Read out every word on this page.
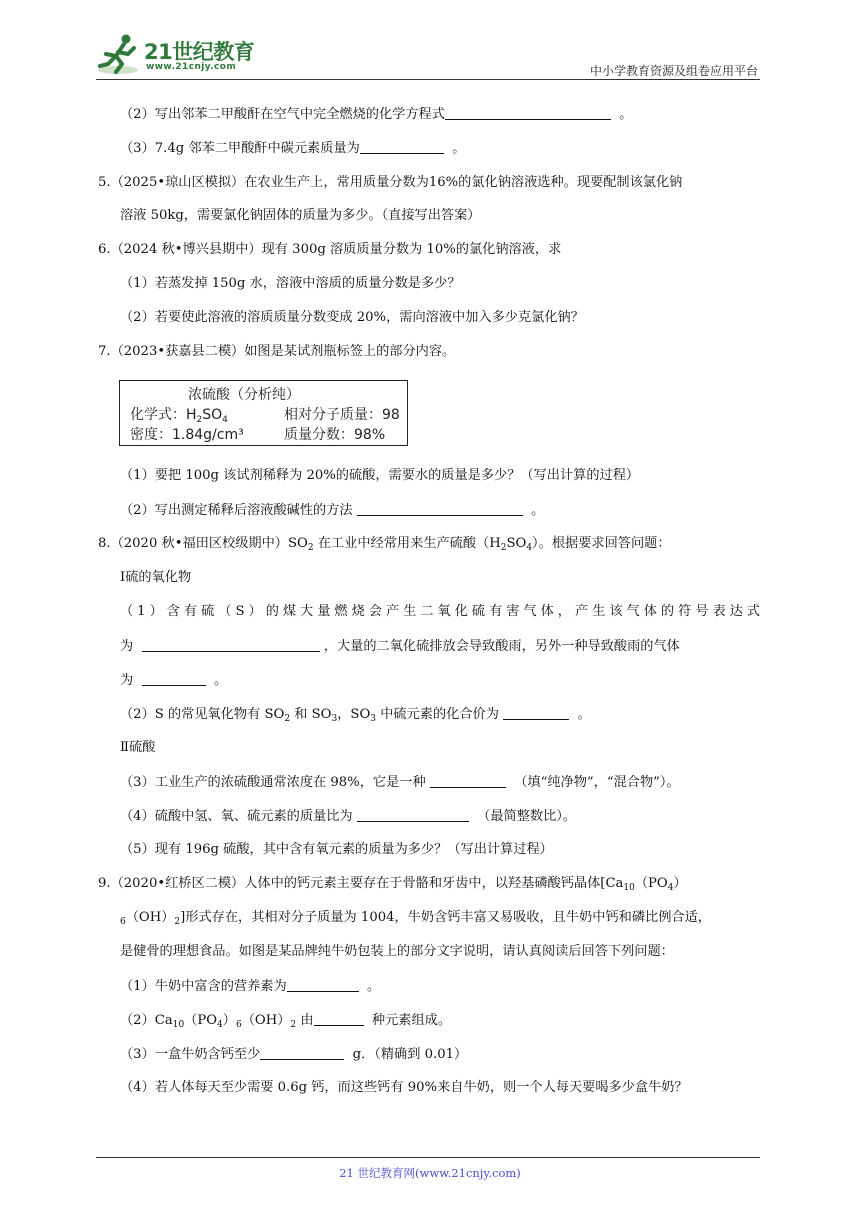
21世纪教育
www.21cnjy.com	中小学教育资源及组卷应用平台
（2）写出邻苯二甲酸酐在空气中完全燃烧的化学方程式	。
（3）7.4g 邻苯二甲酸酐中碳元素质量为	。
5.（2025•琼山区模拟）在农业生产上，常用质量分数为16%的氯化钠溶液选种。现要配制该氯化钠
溶液 50kg，需要氯化钠固体的质量为多少。（直接写出答案）
6.（2024 秋•博兴县期中）现有 300g 溶质质量分数为 10%的氯化钠溶液，求
（1）若蒸发掉 150g 水，溶液中溶质的质量分数是多少？
（2）若要使此溶液的溶质质量分数变成 20%，需向溶液中加入多少克氯化钠？
7.（2023•获嘉县二模）如图是某试剂瓶标签上的部分内容。
浓硫酸（分析纯）
化学式：$H_2SO_4$	相对分子质量：98
密度：1.84g/cm³	质量分数：98%
（1）要把 100g 该试剂稀释为 20%的硫酸，需要水的质量是多少？（写出计算的过程）
（2）写出测定稀释后溶液酸碱性的方法	。
8.（2020 秋•福田区校级期中）$SO_2$ 在工业中经常用来生产硫酸$(H_2SO_4)$。根据要求回答问题：
Ⅰ硫的氧化物
（1）含有硫（S）的煤大量燃烧会产生二氧化硫有害气体，产生该气体的符号表达式
为	，大量的二氧化硫排放会导致酸雨，另外一种导致酸雨的气体
为	。
（2）S 的常见氧化物有 $SO_2$ 和 $SO_3$，$SO_3$ 中硫元素的化合价为	。
Ⅱ硫酸
（3）工业生产的浓硫酸通常浓度在 98%，它是一种	（填“纯净物”，“混合物”）。
（4）硫酸中氢、氧、硫元素的质量比为	（最简整数比）。
（5）现有 196g 硫酸，其中含有氧元素的质量为多少？（写出计算过程）
9.（2020•红桥区二模）人体中的钙元素主要存在于骨骼和牙齿中，以羟基磷酸钙晶体[$Ca_{10}(PO_4)$
$_6(OH)_2$]形式存在，其相对分子质量为 1004，牛奶含钙丰富又易吸收，且牛奶中钙和磷比例合适，
是健骨的理想食品。如图是某品牌纯牛奶包装上的部分文字说明，请认真阅读后回答下列问题：
（1）牛奶中富含的营养素为	。
$(2)Ca_{10}(PO_4)_6(OH)_2$ 由	种元素组成。
（3）一盒牛奶含钙至少	g．（精确到 0.01）
（4）若人体每天至少需要 0.6g 钙，而这些钙有 90%来自牛奶，则一个人每天要喝多少盒牛奶？
21 世纪教育网(www.21cnjy.com)
